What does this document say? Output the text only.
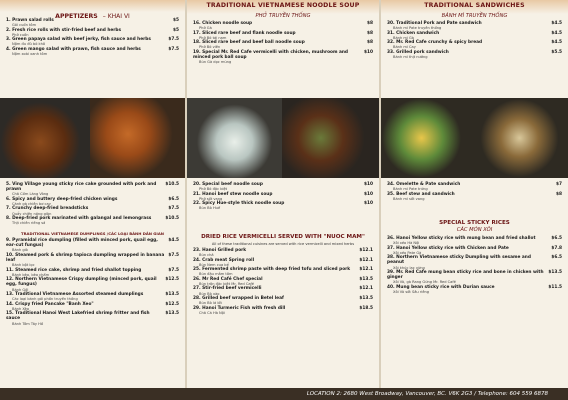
APPETIZERS – KHAI VI
1. Prawn salad rolls	$5
Gỏi cuốn tôm
2. Fresh rice rolls with stir-fried beef and herbs	$5
Phở cuốn
3. Green papaya salad with beef jerky, fish sauce and herbs	$7.5
Nộm đu đủ bò khô
4. Green mango salad with prawn, fish sauce and herbs	$7.5
Nộm xoài xanh tôm
5. Ving Village young sticky rice cake grounded with pork and prawn
$10.5
Chả Cốm Làng Vòng
6. Spicy and buttery deep-fried chicken wings	$6.5
Cánh gà chiên bơ cay
7. Crunchy deep-fried breadsticks	$7.5
Quẩy chiên nóng giòn
8. Deep-fried pork marinated with galangal and lemongrass	$10.5
Thịt chiên riềng sả
TRADITIONAL VIETNAMESE DUMPLINGS /CÁC LOẠI BÁNH DÂN GIAN
9. Pyramidal rice dumpling (filled with minced pork, quail egg, ear-cut fungus)
$4.5
Bánh giò
10. Steamed pork & shrimp tapioca dumpling wrapped in banana leaf
$7.5
Bánh bột lọc
11. Steamed rice cake, shrimp and fried shallot topping	$7.5
Bánh bèo, bèo chấm
12. Northern Vietnamese Crispy dumpling (minced pork, quail egg, fungus)
$12.5
Bánh Gối
13. Traditional Vietnamese Assorted steamed dumplings	$13.5
Các loại bánh gói phần truyền thống
14. Crispy fried Pancake "Banh Xeo"	$12.5
Bánh Xèo
15. Traditional Hanoi West Lakefried shrimp fritter and fish sauce
$13.5
Bánh Tôm Tây Hồ
TRADITIONAL VIETNAMESE NOODLE SOUP
PHỞ TRUYỀN THỐNG
16. Chicken noodle soup	$8
Phở Gà
17. Sliced rare beef and flank noodle soup	$8
Phở Bò tái nạm
18. Sliced rare beef and beef ball noodle soup	$8
Phở Bò viên
19. Special Mr. Red Cafe vermicelli with chicken, mushroom and minced pork ball soup
$10
Bún Gà dọc mùng
20. Special beef noodle soup	$10
Phở Bò đặc biệt
21. Hanoi beef stew noodle soup	$10
Phở sốt vang
22. Spicy Hue-style thick noodle soup	$10
Bún Bò Huế
DRIED RICE VERMICELLI SERVED WITH "NUOC MAM"
All of these traditional cuisines are served with rice vermicelli and mixed herbs
23. Hanoi Grilled pork	$12.1
Bún chả
24. Crab meat Spring roll	$12.1
Bún Nem cua bể
25. Fermented shrimp paste with deep fried tofu and sliced pork	$12.1
Bún đậu mắm tôm
26. Mr Red Café Chef special	$13.5
Bún trộn đặc biệt Mr. Red Café
27. Stir-fried beef vermicelli	$12.1
Bún Bò xào
28. Grilled beef wrapped in Betel leaf	$13.5
Bún Bò lá lốt
29. Hanoi Turmeric Fish with fresh dill	$18.5
Chả Cá Hà Nội
TRADITIONAL SANDWICHES
BÁNH MÌ TRUYỀN THỐNG
30. Traditional Pork and Pate sandwich	$4.5
Bánh mì Pate truyền thống
31. Chicken sandwich	$4.5
Bánh mì Gà
32. Mr. Red Cafe crunchy & spicy bread	$4.5
Bánh mì Cay
33. Grilled pork sandwich	$5.5
Bánh mì thịt nướng
34. Omelette & Pate sandwich	$7
Bánh mì Pate trứng
35. Beef stew and sandwich	$8
Bánh mì sốt vang
SPECIAL STICKY RICES
CÁC MÓN XÔI
36. Hanoi Yellow sticky rice with mung bean and fried shallot	$6.5
Xôi xéo Hà Nội
37. Hanoi Yellow sticky rice with Chicken and Pate	$7.8
Xôi xéo Pate Gà
38. Northern Vietnamese sticky Dumpling with sesame and peanut
$6.5
Xôi khúc lạc vừng
39. Mr. Red Cafe mung bean sticky rice and bone in chicken with ginger
$13.5
Xôi Vò, gà Rang Gừng Mr. Red Café
40. Mung bean sticky rice with Durian sauce	$11.5
Xôi Vò sốt Sầu riêng
LOCATION 2: 2680 West Broadway, Vancouver, BC. V6K 2G3 / Telephone: 604 559 6878
